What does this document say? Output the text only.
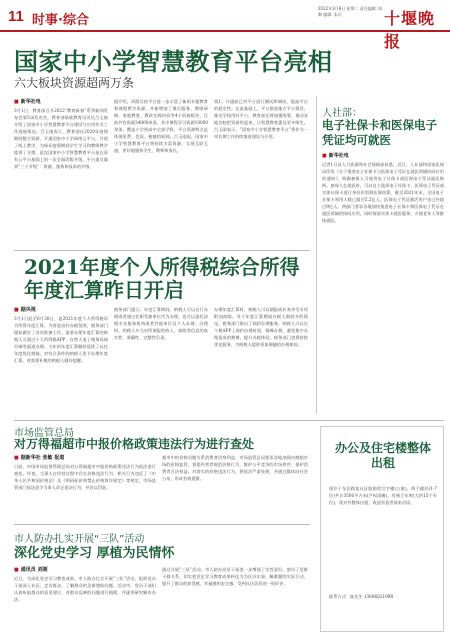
11 时事·综合
2022年3月8日 星期二 责任编辑: 陈琳 编辑: 朱乐	十堰晚报
国家中小学智慧教育平台亮相
六大板块资源超两万条
■ 新华社电
3月1日，教育部召开2022“教育新春”系列新闻发布会第5场发布会，教育部基础教育司司长吕玉刚介绍了国家中小学智慧教育平台建设与应用有关工作进展情况。吕玉刚表示，教育部在2020年疫情期间整合资源，开通国家中小学网络云平台，开展了线上教学，为保证疫情期间学生学习和教师教学提供了支撑。此次国家中小学智慧教育平台是在原有云平台基础上的一次全面改版升级，平台重点做到“三个升级”：资源、服务和技术的升级。
据介绍，改版后的平台进一步丰富了新的专题教育和课程教学资源，并新增加了课后服务、教师研修、家庭教育、教改实践经验等4个资源板块，目前共有资源34000余条，其中课程学习资源10000余条，覆盖小学到高中全部学科，平台资源特点是体现免费、优质、便捷的原则。吕玉刚说，国家中小学智慧教育平台将持续丰富资源，实现互联互通，更好地服务学生、教师和家长。
第1、开通前已对平台进行测试和调试，提高平台的稳定性。在此基础上，平台推进地方平台建设，推动学校用好平台，教育部还将加强统筹，推动各地各校把资源用起来，让智慧教育惠及更多师生。吕玉刚表示，“国家中小学智慧教育平台”将作为一项长期工作持续推进建设与应用。
人社部：
电子社保卡和医保电子凭证均可就医
■ 新华社电
记者1日从人力资源和社会保障部获悉，近日，人社部和国家医保局印发《关于推进电子社保卡与医保电子凭证在就医领域协同应用的通知》，明确参保人可使用电子社保卡或医保电子凭证就医购药。参保人在就医时，可以自主选择电子社保卡、医保电子凭证或实体社保卡进行身份识别和医保结算。截至2021年末，全国电子社保卡领用人数已超过5.2亿人，医保电子凭证激活用户也已经超过9亿人。两部门要求各地加快推进电子社保卡和医保电子凭证在就医领域的协同应用，同时保留实体卡就医服务，方便老年人等群体就医。
2021年度个人所得税综合所得年度汇算昨日开启
■ 据央视
3月1日起至6月30日，是2021年度个人所得税综合所得年度汇算。为营造良好办税氛围，税务部门提前做好了各项准备工作。需要办理年度汇算的纳税人可通过个人所得税APP、自然人电子税务局网页端等渠道办理。今年的年度汇算继续延续了以往年度优化措施，对符合条件的纳税人免予办理年度汇算，对需要补税的纳税人做好提醒。
税务部门提示，年度汇算期间，纳税人可以自行办理或者通过任职受雇单位代为办理，也可以委托涉税专业服务机构或者其他单位及个人办理。办理时，纳税人应当对所填报的收入、扣除等信息的真实性、准确性、完整性负责。
办理年度汇算时，纳税人可以填报或补充享受专项附加扣除。对于年度汇算期间办税人数较多的情况，税务部门推出了预约办理服务，纳税人可以在个税APP上预约办理时间，错峰办税，避免集中办理造成的拥堵，提升办税体验。税务部门也将持续优化服务，为纳税人提供更加便捷的办税体验。
市场监管总局
对万得福超市中报价格政策违法行为进行查处
■ 据新华社 张敏 报道
日前，中国市场监督管理总局对万得福超市中报价格政策违法行为依法进行查处。经查，当事人在经营过程中存在价格违法行为，相关行为违反了《中华人民共和国价格法》及《明码标价和禁止价格欺诈规定》等规定，市场监管部门依法责令当事人改正违法行为，并处以罚款。
超市中的价格问题关系消费者切身利益，市场监管总局要求各地加强对商超市场的价格监管，督促经营者规范价格行为，维护公平竞争的市场秩序，保护消费者合法权益。对查实的价格违法行为，将依法严肃处理，并通过媒体向社会公布，形成有效震慑。
办公及住宅楼整体出租
现位于东岳路某社区临街的写字楼(公寓)，两个楼层(1-7层)共计3500平方米(产权清晰)，有独立车库(大约15个车位)，现对外整体出租，欢迎有意者前来洽谈。
联系方式：陈先生 13686821998
市人防办扎实开展“三队”活动
深化党史学习 厚植为民情怀
■ 通讯员 刘刚
近日，为深化党史学习教育成果，市人防办扎实开展“三队”活动，组织党员干部深入社区、走访群众，了解群众的急难愁盼问题。活动中，党员干部们认真听取群众的意见建议，对群众反映的问题进行梳理，并逐项研究解决办法。
通过开展“三队”活动，市人防办党员干部进一步增强了宗旨意识，密切了党群干群关系，切实把党史学习教育成果转化为为民办实事、解难题的实际行动，提升了群众的获得感、幸福感和安全感，受到社区居民的一致好评。
